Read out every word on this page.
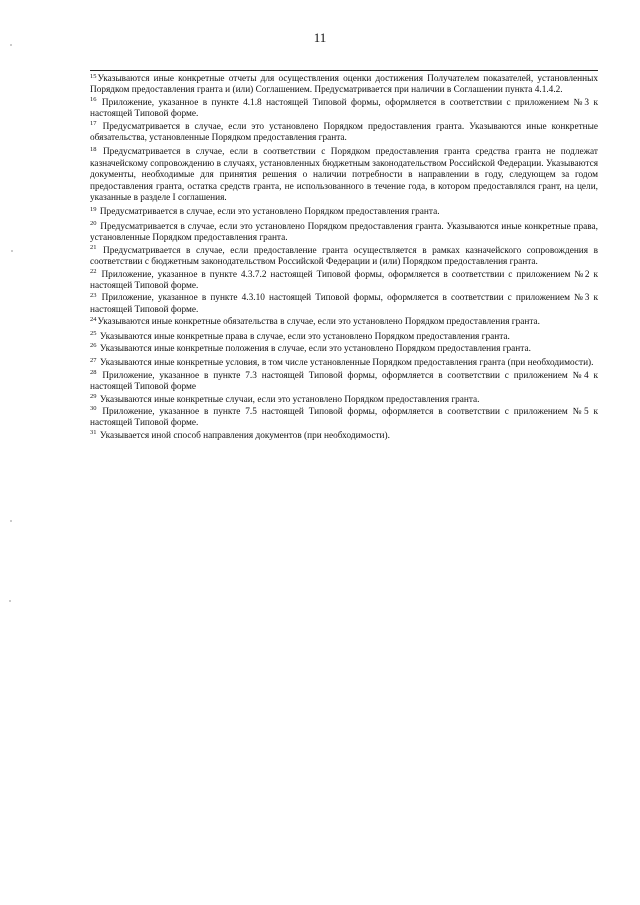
11

$^{15}$Указываются иные конкретные отчеты для осуществления оценки достижения Получателем показателей, установленных Порядком предоставления гранта и (или) Соглашением. Предусматривается при наличии в Соглашении пункта 4.1.4.2.

$^{16}$ Приложение, указанное в пункте 4.1.8 настоящей Типовой формы, оформляется в соответствии с приложением №3 к настоящей Типовой форме.

$^{17}$ Предусматривается в случае, если это установлено Порядком предоставления гранта. Указываются иные конкретные обязательства, установленные Порядком предоставления гранта.

$^{18}$ Предусматривается в случае, если в соответствии с Порядком предоставления гранта средства гранта не подлежат казначейскому сопровождению в случаях, установленных бюджетным законодательством Российской Федерации. Указываются документы, необходимые для принятия решения о наличии потребности в направлении в году, следующем за годом предоставления гранта, остатка средств гранта, не использованного в течение года, в котором предоставлялся грант, на цели, указанные в разделе I соглашения.

$^{19}$ Предусматривается в случае, если это установлено Порядком предоставления гранта.

$^{20}$ Предусматривается в случае, если это установлено Порядком предоставления гранта. Указываются иные конкретные права, установленные Порядком предоставления гранта.

$^{21}$ Предусматривается в случае, если предоставление гранта осуществляется в рамках казначейского сопровождения в соответствии с бюджетным законодательством Российской Федерации и (или) Порядком предоставления гранта.

$^{22}$ Приложение, указанное в пункте 4.3.7.2 настоящей Типовой формы, оформляется в соответствии с приложением №2 к настоящей Типовой форме.

$^{23}$ Приложение, указанное в пункте 4.3.10 настоящей Типовой формы, оформляется в соответствии с приложением №3 к настоящей Типовой форме.

$^{24}$Указываются иные конкретные обязательства в случае, если это установлено Порядком предоставления гранта.

$^{25}$ Указываются иные конкретные права в случае, если это установлено Порядком предоставления гранта.

$^{26}$ Указываются иные конкретные положения в случае, если это установлено Порядком предоставления гранта.

$^{27}$ Указываются иные конкретные условия, в том числе установленные Порядком предоставления гранта (при необходимости).

$^{28}$ Приложение, указанное в пункте 7.3 настоящей Типовой формы, оформляется в соответствии с приложением №4 к настоящей Типовой форме

$^{29}$ Указываются иные конкретные случаи, если это установлено Порядком предоставления гранта.

$^{30}$ Приложение, указанное в пункте 7.5 настоящей Типовой формы, оформляется в соответствии с приложением №5 к настоящей Типовой форме.

$^{31}$ Указывается иной способ направления документов (при необходимости).
